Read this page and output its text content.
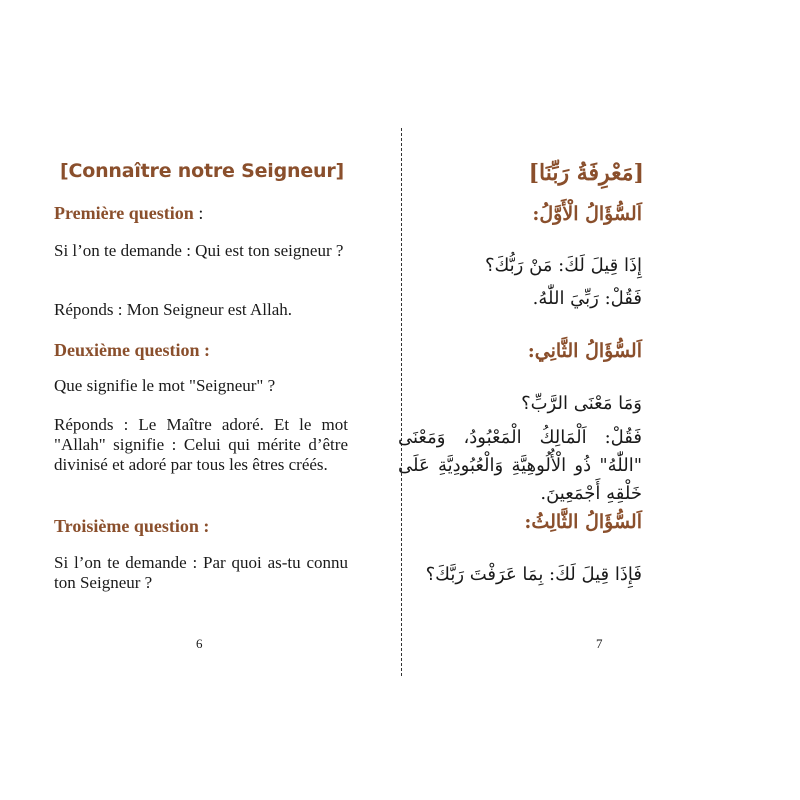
[Connaître notre Seigneur]
Première question :
Si l’on te demande : Qui est ton seigneur ?
Réponds : Mon Seigneur est Allah.
Deuxième question :
Que signifie le mot "Seigneur" ?
Réponds : Le Maître adoré. Et le mot "Allah" signifie : Celui qui mérite d’être divinisé et adoré par tous les êtres créés.
Troisième question :
Si l’on te demande : Par quoi as-tu connu ton Seigneur ?
6
[مَعْرِفَةُ رَبِّنَا]
اَلسُّؤَالُ الْأَوَّلُ:
إِذَا قِيلَ لَكَ: مَنْ رَبُّكَ؟
فَقُلْ: رَبِّيَ اللّٰهُ.
اَلسُّؤَالُ الثَّانِي:
وَمَا مَعْنَى الرَّبِّ؟
فَقُلْ: اَلْمَالِكُ الْمَعْبُودُ، وَمَعْنَى "اللّٰهُ" ذُو الْأُلُوهِيَّةِ وَالْعُبُودِيَّةِ عَلَى خَلْقِهِ أَجْمَعِينَ.
اَلسُّؤَالُ الثَّالِثُ:
فَإِذَا قِيلَ لَكَ: بِمَا عَرَفْتَ رَبَّكَ؟
7
